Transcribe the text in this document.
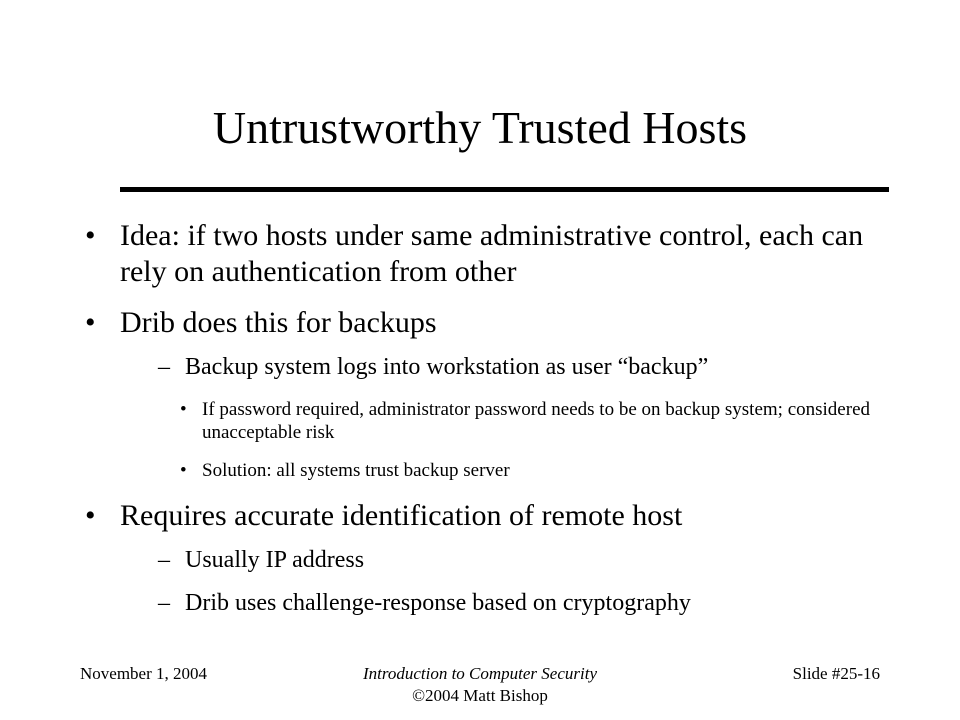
Untrustworthy Trusted Hosts
• Idea: if two hosts under same administrative control, each can rely on authentication from other
• Drib does this for backups
– Backup system logs into workstation as user “backup”
• If password required, administrator password needs to be on backup system; considered unacceptable risk
• Solution: all systems trust backup server
• Requires accurate identification of remote host
– Usually IP address
– Drib uses challenge-response based on cryptography
November 1, 2004	Introduction to Computer Security
©2004 Matt Bishop
Slide #25-16
